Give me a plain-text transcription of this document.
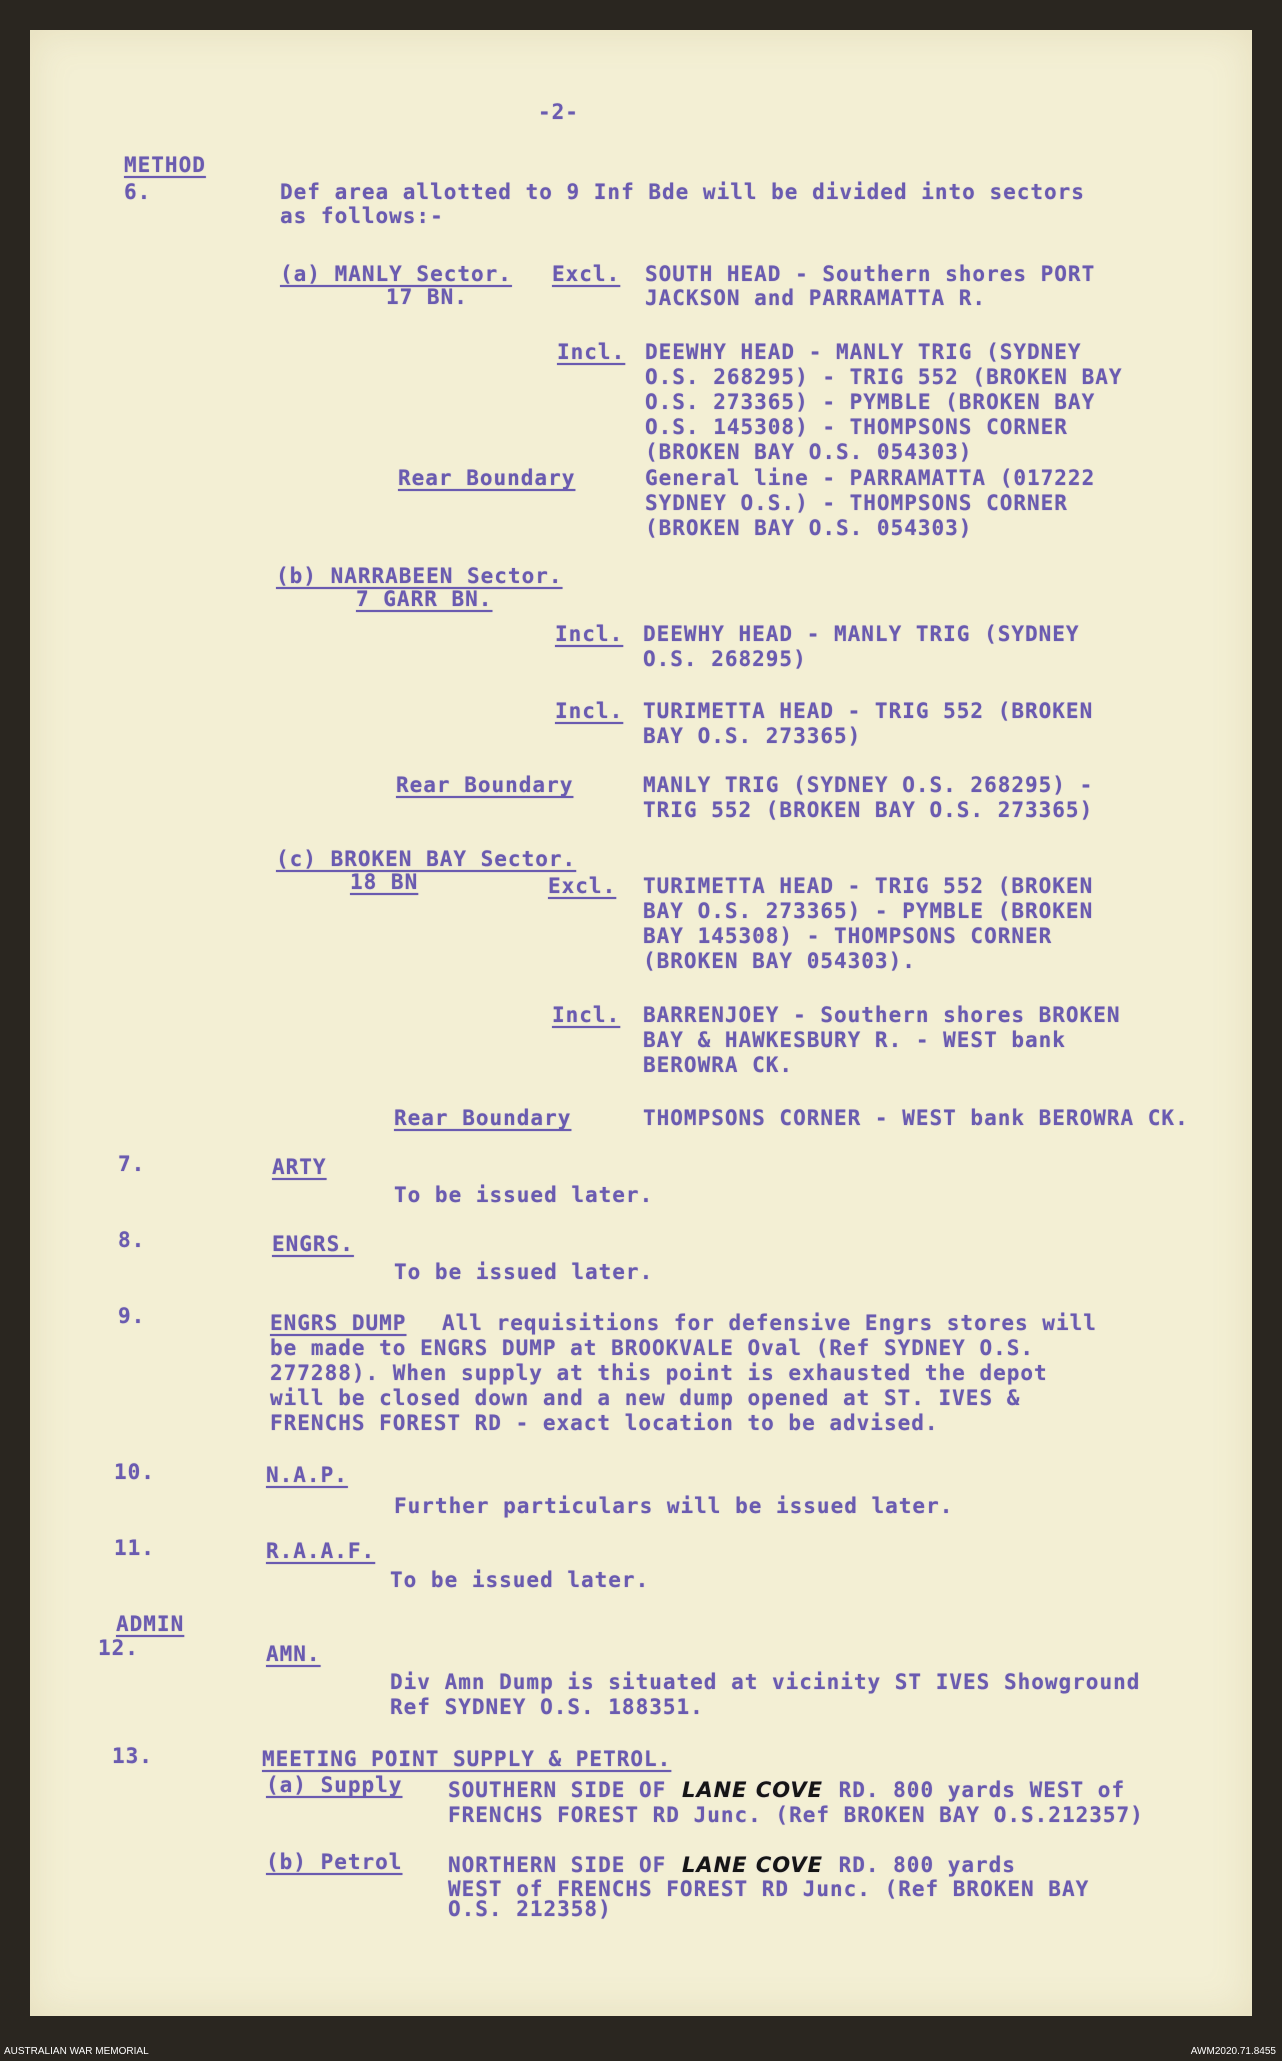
-2-
METHOD
6.	Def area allotted to 9 Inf Bde will be divided into sectors
as follows:-
(a) MANLY Sector.
17 BN.
Excl. SOUTH HEAD - Southern shores PORT
JACKSON and PARRAMATTA R.
Incl. DEEWHY HEAD - MANLY TRIG (SYDNEY
O.S. 268295) - TRIG 552 (BROKEN BAY
O.S. 273365) - PYMBLE (BROKEN BAY
O.S. 145308) - THOMPSONS CORNER
(BROKEN BAY O.S. 054303)
Rear Boundary	General line - PARRAMATTA (017222
SYDNEY O.S.) - THOMPSONS CORNER
(BROKEN BAY O.S. 054303)
(b) NARRABEEN Sector.
7 GARR BN.
Incl. DEEWHY HEAD - MANLY TRIG (SYDNEY
O.S. 268295)
Incl. TURIMETTA HEAD - TRIG 552 (BROKEN
BAY O.S. 273365)
Rear Boundary	MANLY TRIG (SYDNEY O.S. 268295) -
TRIG 552 (BROKEN BAY O.S. 273365)
(c) BROKEN BAY Sector.
18 BN	Excl. TURIMETTA HEAD - TRIG 552 (BROKEN
BAY O.S. 273365) - PYMBLE (BROKEN
BAY 145308) - THOMPSONS CORNER
(BROKEN BAY 054303).
Incl. BARRENJOEY - Southern shores BROKEN
BAY & HAWKESBURY R. - WEST bank
BEROWRA CK.
Rear Boundary	THOMPSONS CORNER - WEST bank BEROWRA CK.
7.	ARTY
To be issued later.
8.	ENGRS.
To be issued later.
9.	ENGRS DUMP All requisitions for defensive Engrs stores will
be made to ENGRS DUMP at BROOKVALE Oval (Ref SYDNEY O.S.
277288). When supply at this point is exhausted the depot
will be closed down and a new dump opened at ST. IVES &
FRENCHS FOREST RD - exact location to be advised.
10.	N.A.P.
Further particulars will be issued later.
11.	R.A.A.F.
To be issued later.
ADMIN
12.	AMN.
Div Amn Dump is situated at vicinity ST IVES Showground
Ref SYDNEY O.S. 188351.
13.	MEETING POINT SUPPLY & PETROL.
(a) Supply SOUTHERN SIDE OF LANE COVE RD. 800 yards WEST of
FRENCHS FOREST RD Junc. (Ref BROKEN BAY O.S.212357)
(b) Petrol NORTHERN SIDE OF LANE COVE RD. 800 yards
WEST of FRENCHS FOREST RD Junc. (Ref BROKEN BAY
O.S. 212358)
AUSTRALIAN WAR MEMORIAL	AWM2020.71.8455
